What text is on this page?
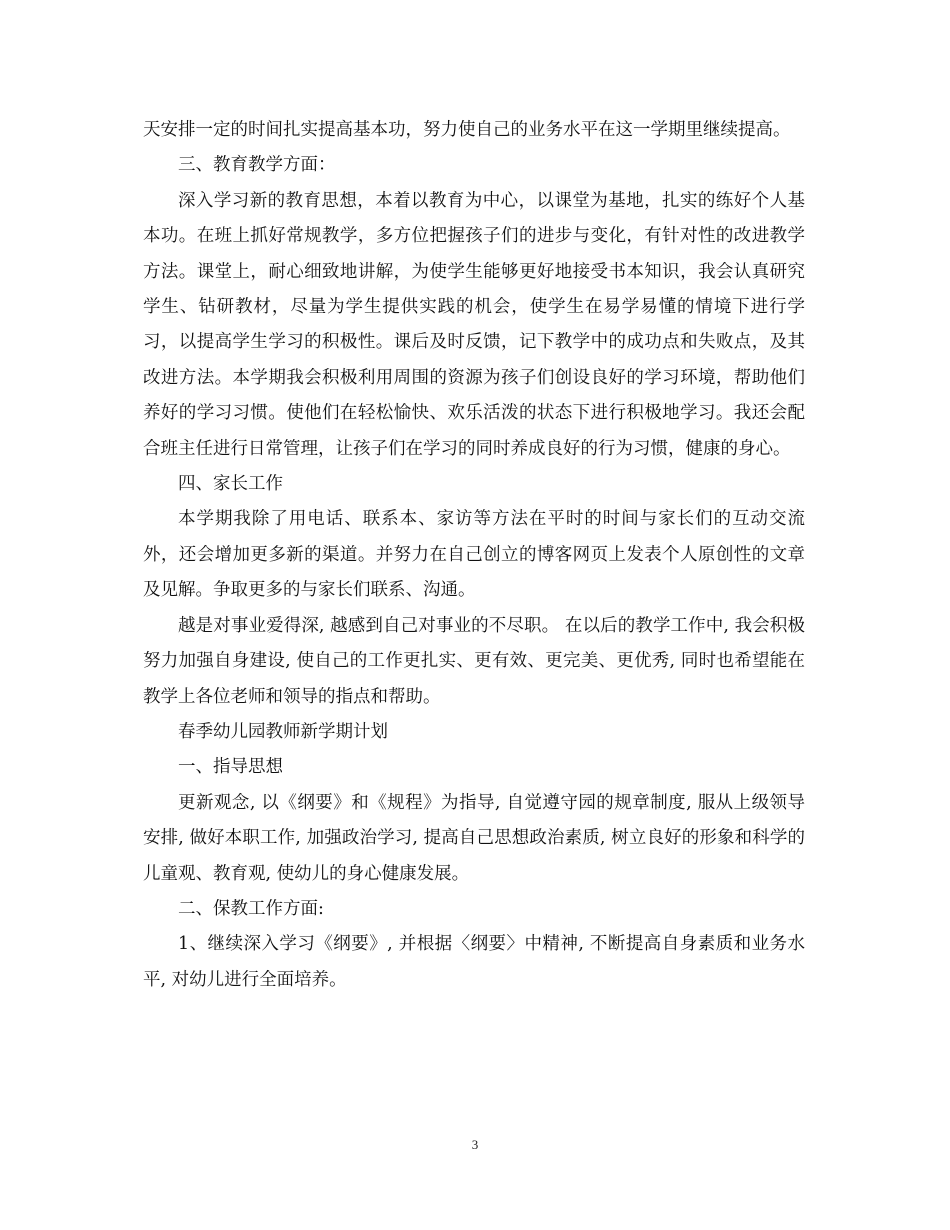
天安排一定的时间扎实提高基本功，努力使自己的业务水平在这一学期里继续提高。

三、教育教学方面：

深入学习新的教育思想，本着以教育为中心，以课堂为基地，扎实的练好个人基本功。在班上抓好常规教学，多方位把握孩子们的进步与变化，有针对性的改进教学方法。课堂上，耐心细致地讲解，为使学生能够更好地接受书本知识，我会认真研究学生、钻研教材，尽量为学生提供实践的机会，使学生在易学易懂的情境下进行学习，以提高学生学习的积极性。课后及时反馈，记下教学中的成功点和失败点，及其改进方法。本学期我会积极利用周围的资源为孩子们创设良好的学习环境，帮助他们养好的学习习惯。使他们在轻松愉快、欢乐活泼的状态下进行积极地学习。我还会配合班主任进行日常管理，让孩子们在学习的同时养成良好的行为习惯，健康的身心。

四、家长工作

本学期我除了用电话、联系本、家访等方法在平时的时间与家长们的互动交流外，还会增加更多新的渠道。并努力在自己创立的博客网页上发表个人原创性的文章及见解。争取更多的与家长们联系、沟通。

越是对事业爱得深, 越感到自己对事业的不尽职。 在以后的教学工作中, 我会积极努力加强自身建设, 使自己的工作更扎实、更有效、更完美、更优秀, 同时也希望能在教学上各位老师和领导的指点和帮助。

春季幼儿园教师新学期计划

一、指导思想

更新观念, 以《纲要》和《规程》为指导, 自觉遵守园的规章制度, 服从上级领导安排, 做好本职工作, 加强政治学习, 提高自己思想政治素质, 树立良好的形象和科学的儿童观、教育观, 使幼儿的身心健康发展。

二、保教工作方面:

1、继续深入学习《纲要》, 并根据〈纲要〉中精神, 不断提高自身素质和业务水平, 对幼儿进行全面培养。

3
